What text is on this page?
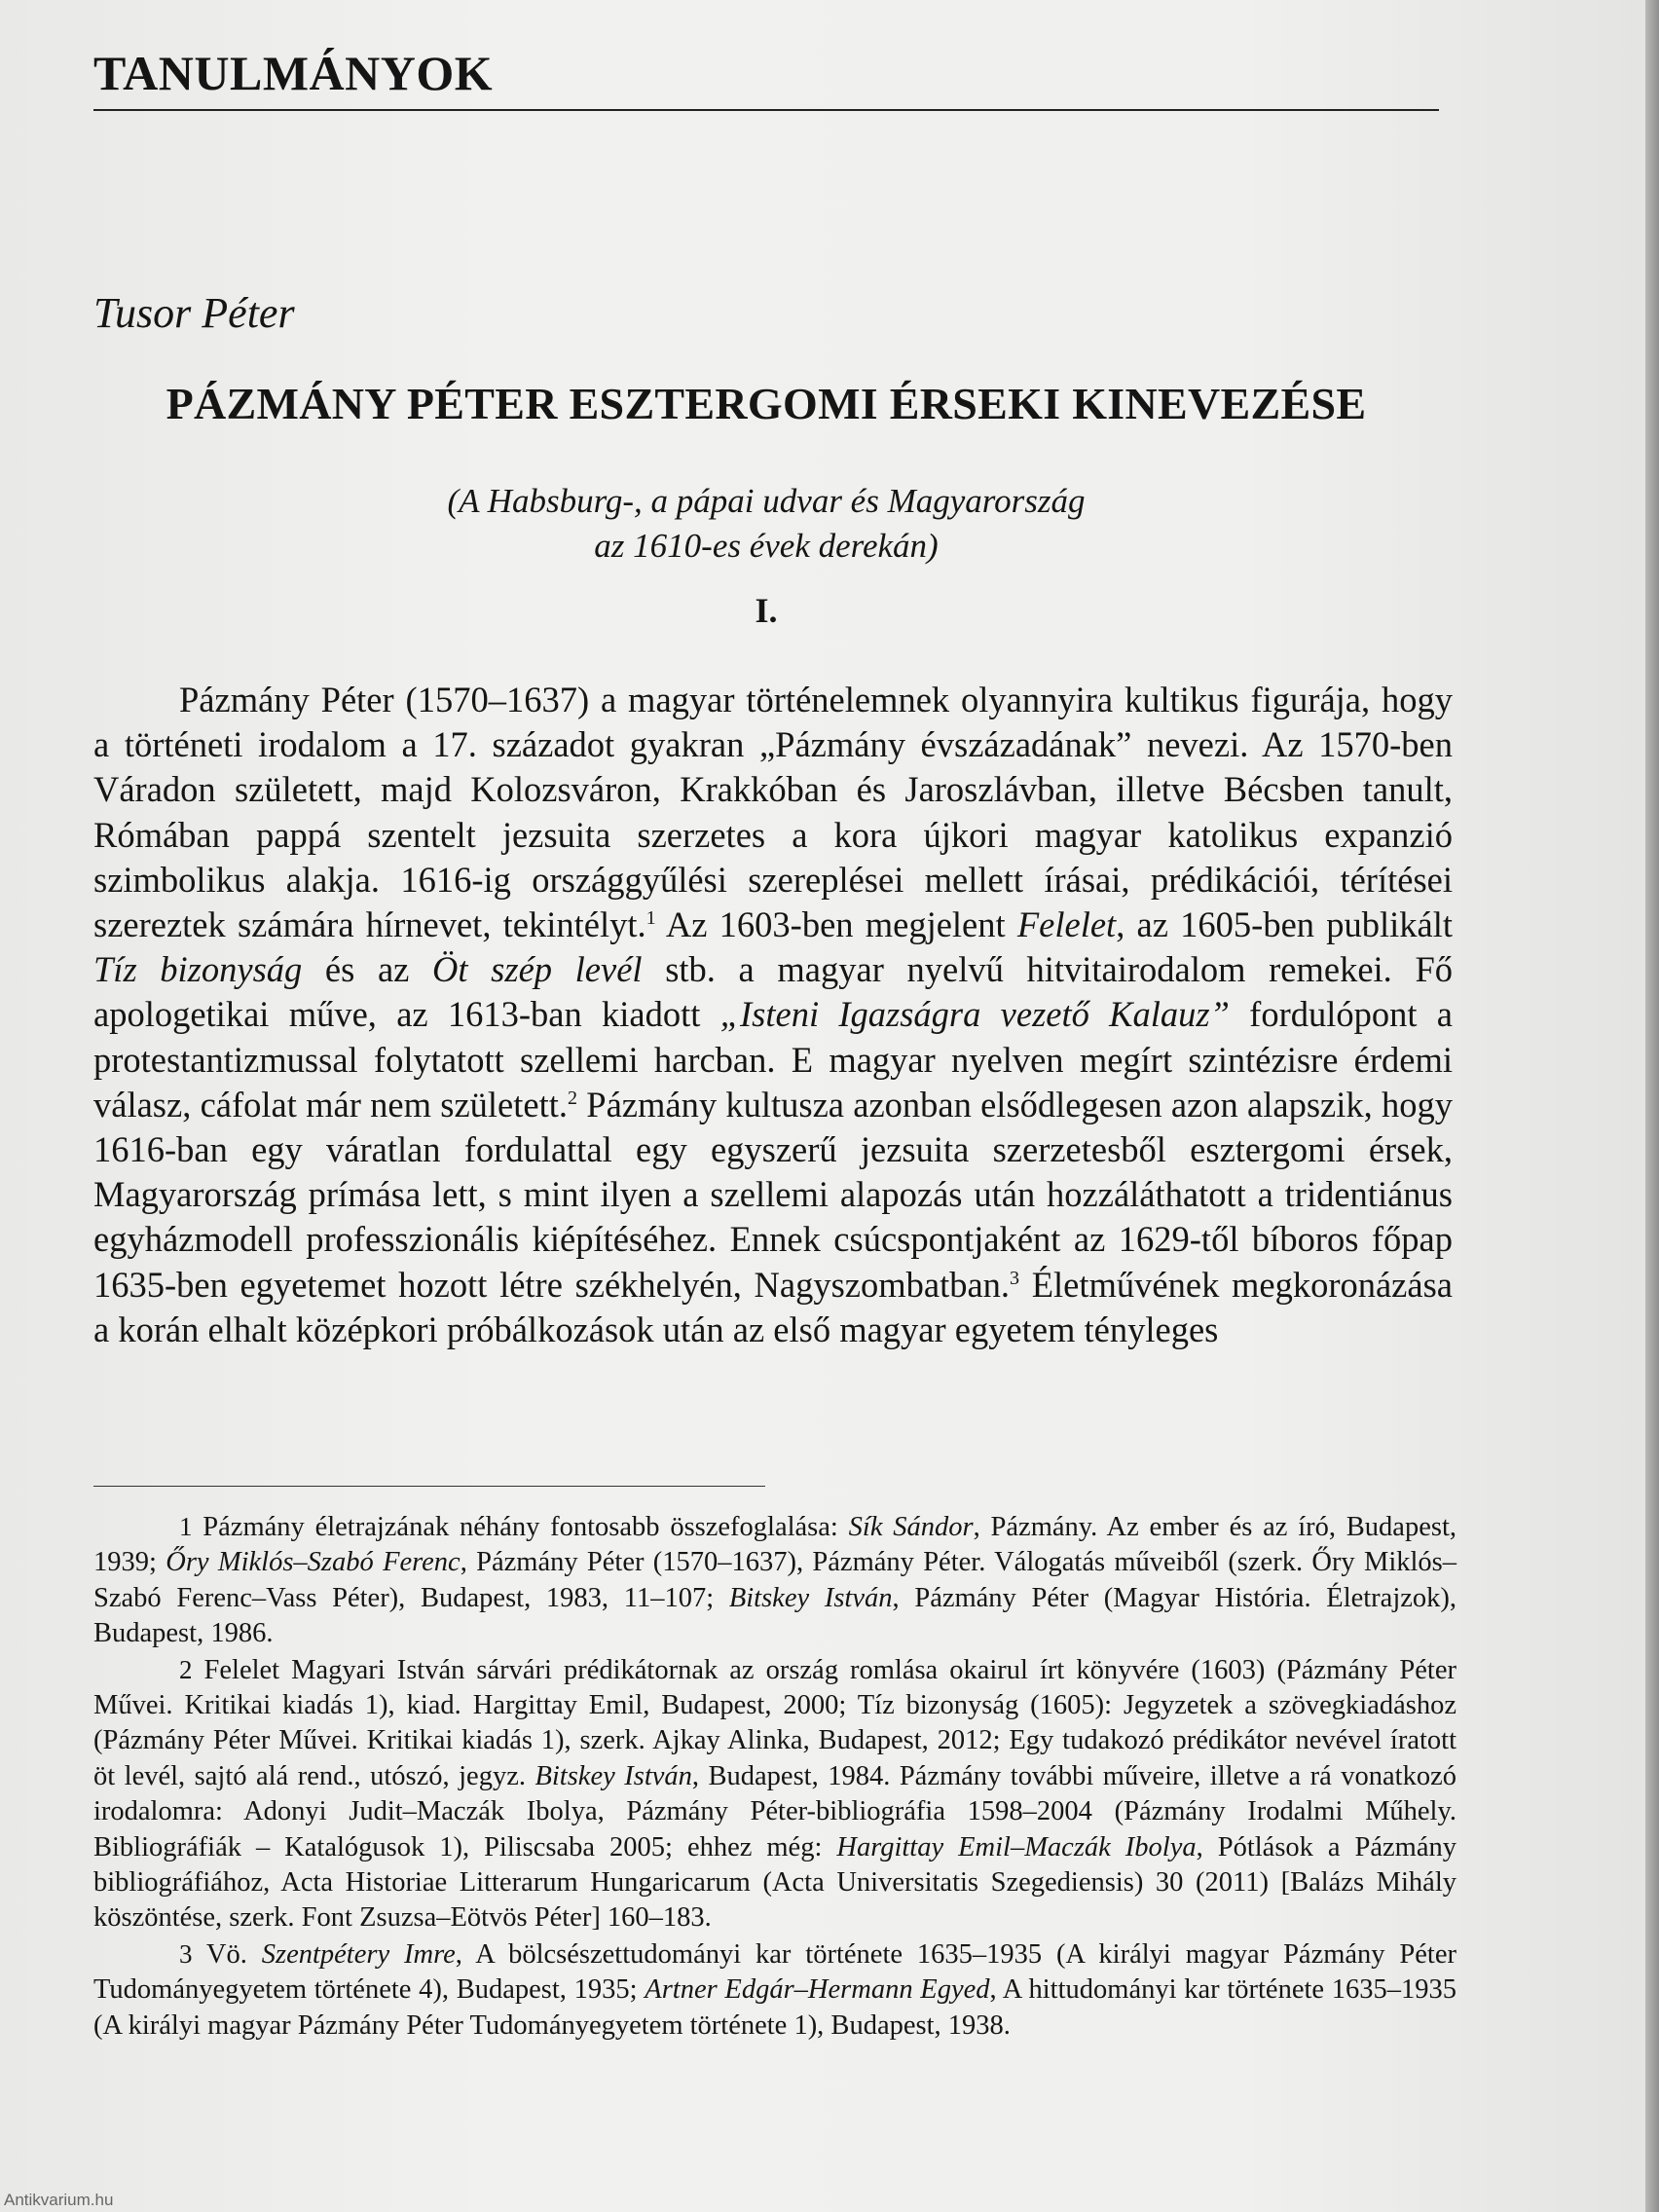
TANULMÁNYOK
Tusor Péter
PÁZMÁNY PÉTER ESZTERGOMI ÉRSEKI KINEVEZÉSE
(A Habsburg-, a pápai udvar és Magyarország
az 1610-es évek derekán)
I.

Pázmány Péter (1570–1637) a magyar történelemnek olyannyira kultikus figurája, hogy a történeti irodalom a 17. századot gyakran „Pázmány évszázadának” nevezi. Az 1570-ben Váradon született, majd Kolozsváron, Krakkóban és Jaroszlávban, illetve Bécsben tanult, Rómában pappá szentelt jezsuita szerzetes a kora újkori magyar katolikus expanzió szimbolikus alakja. 1616-ig országgyűlési szereplései mellett írásai, prédikációi, térítései szereztek számára hírnevet, tekintélyt.$^1$ Az 1603-ben megjelent Felelet, az 1605-ben publikált Tíz bizonyság és az Öt szép levél stb. a magyar nyelvű hitvitairodalom remekei. Fő apologetikai műve, az 1613-ban kiadott „Isteni Igazságra vezető Kalauz” fordulópont a protestantizmussal folytatott szellemi harcban. E magyar nyelven megírt szintézisre érdemi válasz, cáfolat már nem született.$^2$ Pázmány kultusza azonban elsődlegesen azon alapszik, hogy 1616-ban egy váratlan fordulattal egy egyszerű jezsuita szerzetesből esztergomi érsek, Magyarország prímása lett, s mint ilyen a szellemi alapozás után hozzáláthatott a tridentiánus egyházmodell professzionális kiépítéséhez. Ennek csúcspontjaként az 1629-től bíboros főpap 1635-ben egyetemet hozott létre székhelyén, Nagyszombatban.$^3$ Életművének megkoronázása a korán elhalt középkori próbálkozások után az első magyar egyetem tényleges

1 Pázmány életrajzának néhány fontosabb összefoglalása: Sík Sándor, Pázmány. Az ember és az író, Budapest, 1939; Őry Miklós–Szabó Ferenc, Pázmány Péter (1570–1637), Pázmány Péter. Válogatás műveiből (szerk. Őry Miklós–Szabó Ferenc–Vass Péter), Budapest, 1983, 11–107; Bitskey István, Pázmány Péter (Magyar História. Életrajzok), Budapest, 1986.

2 Felelet Magyari István sárvári prédikátornak az ország romlása okairul írt könyvére (1603) (Pázmány Péter Művei. Kritikai kiadás 1), kiad. Hargittay Emil, Budapest, 2000; Tíz bizonyság (1605): Jegyzetek a szövegkiadáshoz (Pázmány Péter Művei. Kritikai kiadás 1), szerk. Ajkay Alinka, Budapest, 2012; Egy tudakozó prédikátor nevével íratott öt levél, sajtó alá rend., utószó, jegyz. Bitskey István, Budapest, 1984. Pázmány további műveire, illetve a rá vonatkozó irodalomra: Adonyi Judit–Maczák Ibolya, Pázmány Péter-bibliográfia 1598–2004 (Pázmány Irodalmi Műhely. Bibliográfiák – Katalógusok 1), Piliscsaba 2005; ehhez még: Hargittay Emil–Maczák Ibolya, Pótlások a Pázmány bibliográfiához, Acta Historiae Litterarum Hungaricarum (Acta Universitatis Szegediensis) 30 (2011) [Balázs Mihály köszöntése, szerk. Font Zsuzsa–Eötvös Péter] 160–183.

3 Vö. Szentpétery Imre, A bölcsészettudományi kar története 1635–1935 (A királyi magyar Pázmány Péter Tudományegyetem története 4), Budapest, 1935; Artner Edgár–Hermann Egyed, A hittudományi kar története 1635–1935 (A királyi magyar Pázmány Péter Tudományegyetem története 1), Budapest, 1938.

Antikvarium.hu
